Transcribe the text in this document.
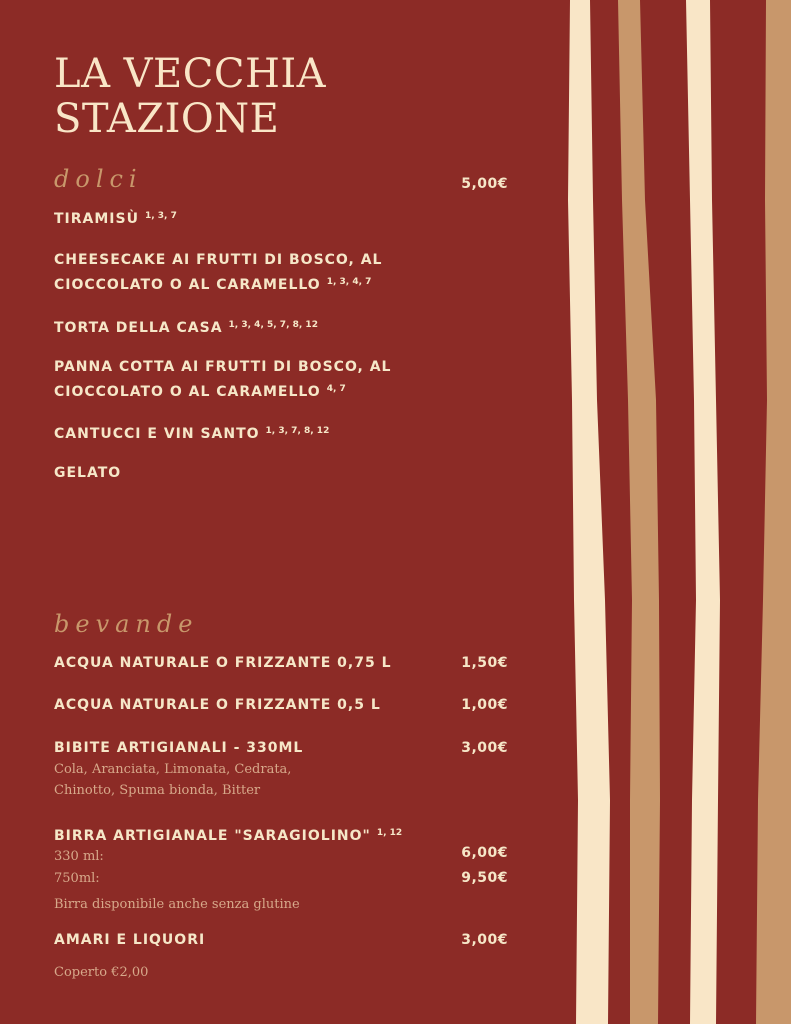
LA VECCHIA
STAZIONE
dolci	5,00€
TIRAMISÙ $^{1, 3, 7}$
CHEESECAKE AI FRUTTI DI BOSCO, AL
CIOCCOLATO O AL CARAMELLO $^{1, 3, 4, 7}$
TORTA DELLA CASA $^{1, 3, 4, 5, 7, 8, 12}$
PANNA COTTA AI FRUTTI DI BOSCO, AL
CIOCCOLATO O AL CARAMELLO $^{4, 7}$
CANTUCCI E VIN SANTO $^{1, 3, 7, 8, 12}$
GELATO
bevande
ACQUA NATURALE O FRIZZANTE 0,75 L	1,50€
ACQUA NATURALE O FRIZZANTE 0,5 L	1,00€
BIBITE ARTIGIANALI - 330ML	3,00€
Cola, Aranciata, Limonata, Cedrata,
Chinotto, Spuma bionda, Bitter
BIRRA ARTIGIANALE "SARAGIOLINO" $^{1, 12}$
330 ml:	6,00€
750ml:	9,50€
Birra disponibile anche senza glutine
AMARI E LIQUORI	3,00€
Coperto €2,00
